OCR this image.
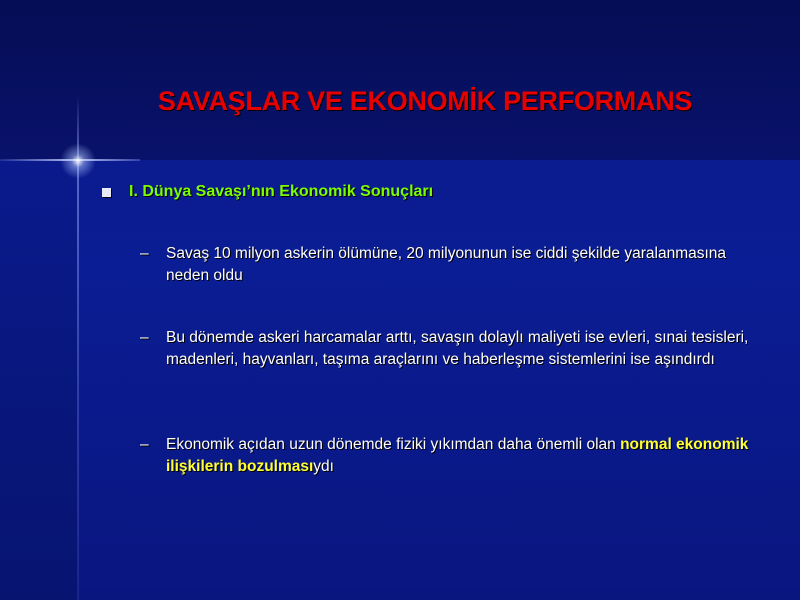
SAVAŞLAR VE EKONOMİK PERFORMANS
I. Dünya Savaşı’nın Ekonomik Sonuçları
–	Savaş 10 milyon askerin ölümüne, 20 milyonunun ise ciddi şekilde yaralanmasına neden oldu
–	Bu dönemde askeri harcamalar arttı, savaşın dolaylı maliyeti ise evleri, sınai tesisleri, madenleri, hayvanları, taşıma araçlarını ve haberleşme sistemlerini ise aşındırdı
–	Ekonomik açıdan uzun dönemde fiziki yıkımdan daha önemli olan normal ekonomik ilişkilerin bozulmasıydı
